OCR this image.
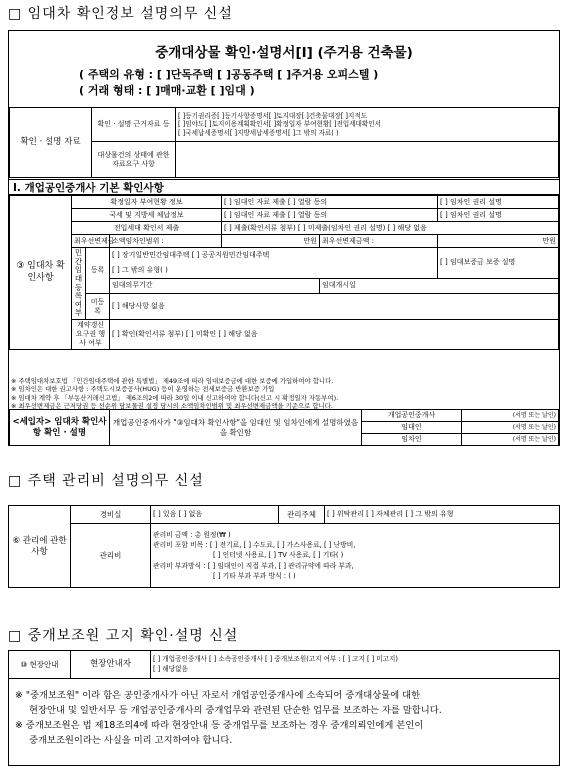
□ 임대차 확인정보 설명의무 신설
중개대상물 확인·설명서[Ⅰ] (주거용 건축물)
( 주택의 유형 : [ ]단독주택 [ ]공동주택 [ ]주거용 오피스텔 )
( 거래 형태 : [ ]매매·교환 [ ]임대 )
확인 · 설명 자료	확인 · 설명 근거자료 등	[ ]등기권리증[ ]등기사항증명서[ ]토지대장[ ]건축물대장[ ]지적도
[ ]임야도[ ]토지이용계획확인서[ ]확정일자 부여현황[ ]전입세대확인서
[ ]국세납세증명서[ ]지방세납세증명서[ ]그 밖의 자료( )

	대상물건의 상태에 관한 자료요구 사항	
Ⅰ. 개업공인중개사 기본 확인사항
③ 임대차 확인사항	확정일자 부여현황 정보			[ ] 임대인 자료 제출 [ ] 열람 동의		[ ] 임차인 권리 설명
	국세 및 지방세 체납정보			[ ] 임대인 자료 제출 [ ] 열람 동의		[ ] 임차인 권리 설명
	전입세대 확인서 제출			[ ] 제출(확인서류 첨부) [ ] 미제출(임차인 권리 설명) [ ] 해당 없음		
	최우선변제금		소액임차인범위 :	만원	최우선변제금액 :	만원
	민간 임대 등록 여부	등록	[ ] 장기일반민간임대주택 [ ] 공공지원민간임대주택			[ ] 임대보증금 보증 설명
			[ ] 그 밖의 유형( )			
			임대의무기간		임대개시일	
		미등록	[ ] 해당사항 없음			
	계약갱신 요구권 행사 여부		[ ] 확인(확인서류 첨부) [ ] 미확인 [ ] 해당 없음			
※ 주택임대차보호법 「민간임대주택에 관한 특별법」 제49조에 따라 임대보증금에 대한 보증에 가입하여야 합니다.
※ 임차인은 대한 권고사항 : 주택도시보증공사(HUG) 등이 운영하는 전세보증금 반환보증 가입
※ 임대차 계약 후 「부동산거래신고법」 제6조의2에 따라 30일 이내 신고하여야 합니다(신고 시 확정일자 자동부여).
※ 최우선변제금은 근저당권 등 선순위 담보물권 설정 당시의 소액임차인범위 및 최우선변제금액을 기준으로 합니다.
<세입자> 임대차 확인사항 확인 · 설명	개업공인중개사가 "③임대차 확인사항"을 임대인 및 임차인에게 설명하였음을 확인함	개업공인중개사	(서명 또는 날인)
		임대인	(서명 또는 날인)
		임차인	(서명 또는 날인)
□ 주택 관리비 설명의무 신설
⑥ 관리에 관한사항	경비실	[ ] 있음 [ ] 없음	관리주체	[ ] 위탁관리 [ ] 자체관리 [ ] 그 밖의 유형
	관리비	관리비 금액 : 총 원정(₩ )
관리비 포함 비목 : [ ] 전기료, [ ] 수도료, [ ] 가스사용료, [ ] 난방비,
[ ] 인터넷 사용료, [ ] TV 사용료, [ ] 기타( )
관리비 부과방식 : [ ] 임대인이 직접 부과, [ ] 관리규약에 따라 부과,
[ ] 기타 부과 부과 방식 : ( )		
□ 중개보조원 고지 확인·설명 신설
⑩ 현장안내	현장안내자	[ ] 개업공인중개사 [ ] 소속공인중개사 [ ] 중개보조원(고지 여부 : [ ] 고지 [ ] 미고지)
[ ] 해당없음
※ "중개보조원" 이라 함은 공인중개사가 아닌 자로서 개업공인중개사에 소속되어 중개대상물에 대한
현장안내 및 일반서무 등 개업공인중개사의 중개업무와 관련된 단순한 업무를 보조하는 자를 말합니다.
※ 중개보조원은 법 제18조의4에 따라 현장안내 등 중개업무를 보조하는 경우 중개의뢰인에게 본인이
중개보조원이라는 사실을 미리 고지하여야 합니다.
